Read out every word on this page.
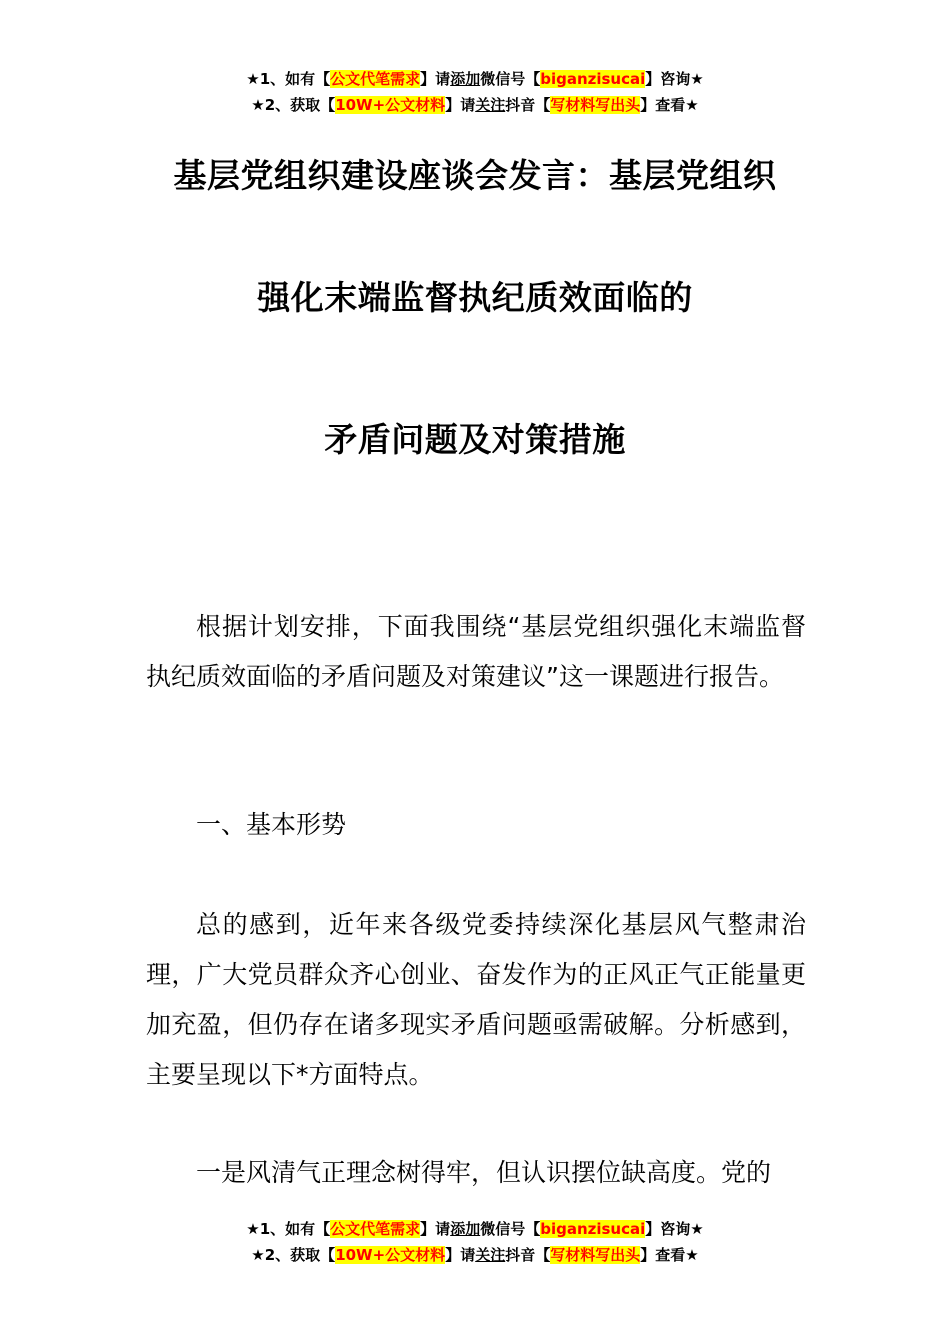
★1、如有【公文代笔需求】请添加微信号【biganzisucai】咨询★
★2、获取【10W+公文材料】请关注抖音【写材料写出头】查看★
基层党组织建设座谈会发言：基层党组织
强化末端监督执纪质效面临的
矛盾问题及对策措施

根据计划安排，下面我围绕“基层党组织强化末端监督执纪质效面临的矛盾问题及对策建议”这一课题进行报告。

一、基本形势

总的感到，近年来各级党委持续深化基层风气整肃治理，广大党员群众齐心创业、奋发作为的正风正气正能量更加充盈，但仍存在诸多现实矛盾问题亟需破解。分析感到，主要呈现以下*方面特点。

一是风清气正理念树得牢，但认识摆位缺高度。党的

★1、如有【公文代笔需求】请添加微信号【biganzisucai】咨询★
★2、获取【10W+公文材料】请关注抖音【写材料写出头】查看★
